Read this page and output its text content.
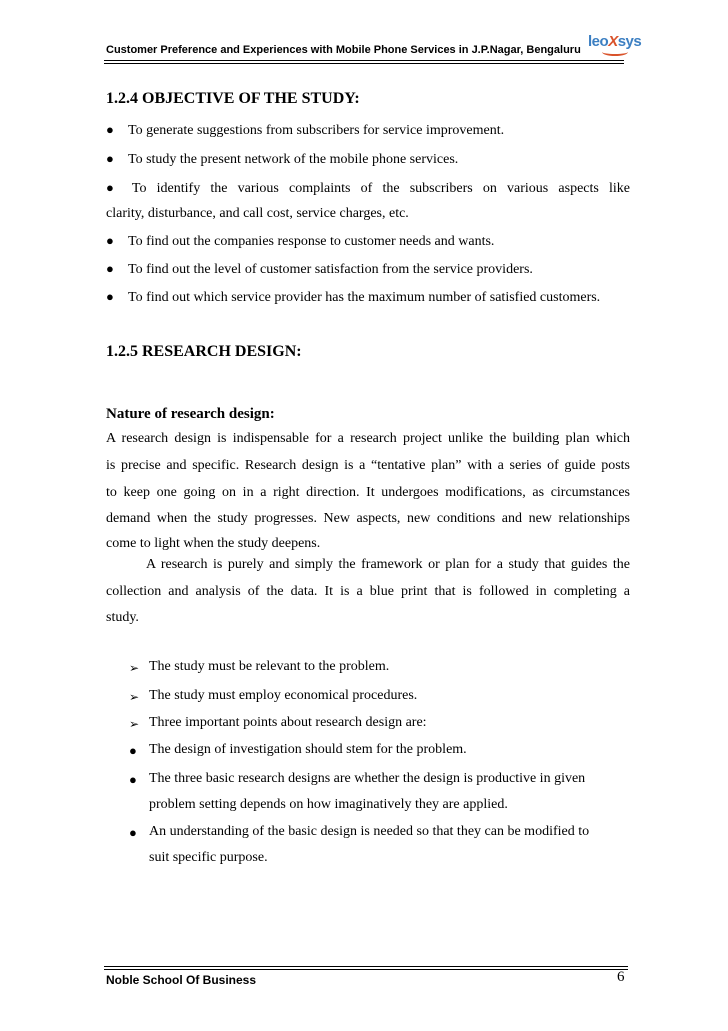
Customer Preference and Experiences with Mobile Phone Services in J.P.Nagar, Bengaluru leoXsys
1.2.4 OBJECTIVE OF THE STUDY:
● To generate suggestions from subscribers for service improvement.
● To study the present network of the mobile phone services.
● To identify the various complaints of the subscribers on various aspects like
clarity, disturbance, and call cost, service charges, etc.
● To find out the companies response to customer needs and wants.
● To find out the level of customer satisfaction from the service providers.
● To find out which service provider has the maximum number of satisfied customers.
1.2.5 RESEARCH DESIGN:
Nature of research design:
A research design is indispensable for a research project unlike the building plan which
is precise and specific. Research design is a “tentative plan” with a series of guide posts
to keep one going on in a right direction. It undergoes modifications, as circumstances
demand when the study progresses. New aspects, new conditions and new relationships
come to light when the study deepens.
A research is purely and simply the framework or plan for a study that guides the
collection and analysis of the data. It is a blue print that is followed in completing a
study.
➢ The study must be relevant to the problem.
➢ The study must employ economical procedures.
➢ Three important points about research design are:
● The design of investigation should stem for the problem.
● The three basic research designs are whether the design is productive in given
problem setting depends on how imaginatively they are applied.
● An understanding of the basic design is needed so that they can be modified to
suit specific purpose.
Noble School Of Business	6
